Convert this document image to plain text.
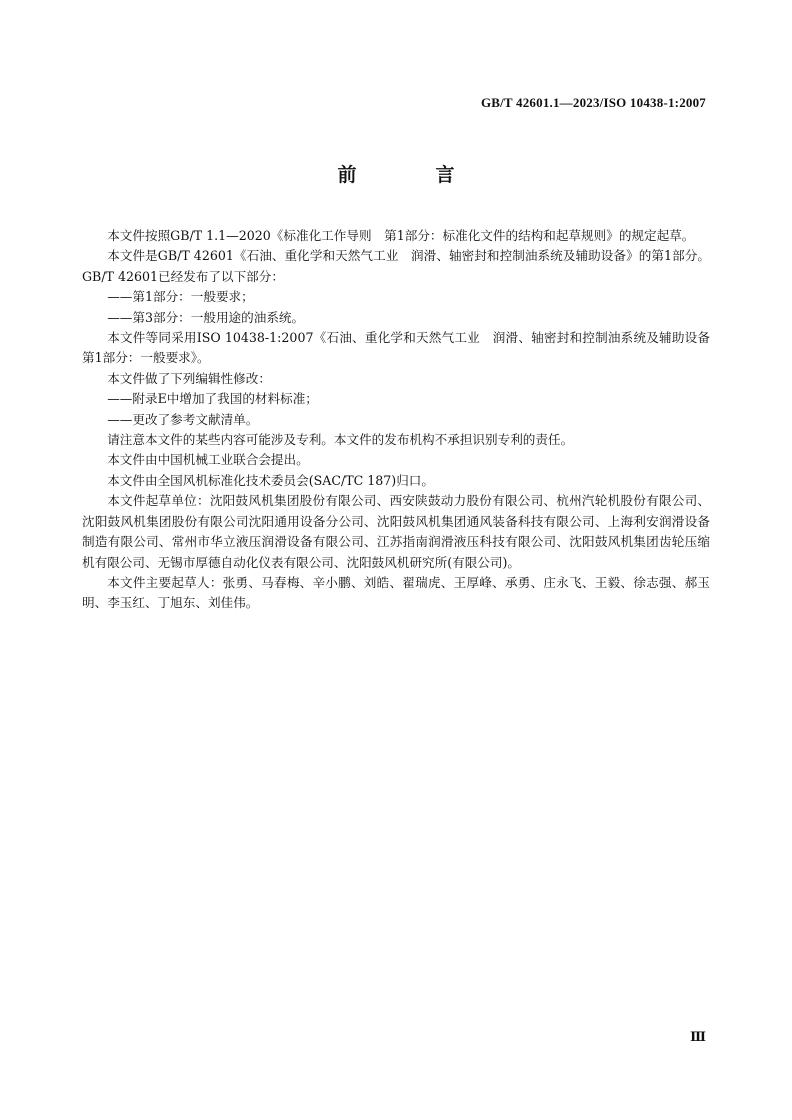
GB/T 42601.1—2023/ISO 10438-1:2007
前　言

本文件按照GB/T 1.1—2020《标准化工作导则　第1部分：标准化文件的结构和起草规则》的规定起草。

本文件是GB/T 42601《石油、重化学和天然气工业　润滑、轴密封和控制油系统及辅助设备》的第1部分。GB/T 42601已经发布了以下部分：

——第1部分：一般要求；

——第3部分：一般用途的油系统。

本文件等同采用ISO 10438-1:2007《石油、重化学和天然气工业　润滑、轴密封和控制油系统及辅助设备　第1部分：一般要求》。

本文件做了下列编辑性修改：

——附录E中增加了我国的材料标准；

——更改了参考文献清单。

请注意本文件的某些内容可能涉及专利。本文件的发布机构不承担识别专利的责任。

本文件由中国机械工业联合会提出。

本文件由全国风机标准化技术委员会(SAC/TC 187)归口。

本文件起草单位：沈阳鼓风机集团股份有限公司、西安陕鼓动力股份有限公司、杭州汽轮机股份有限公司、沈阳鼓风机集团股份有限公司沈阳通用设备分公司、沈阳鼓风机集团通风装备科技有限公司、上海利安润滑设备制造有限公司、常州市华立液压润滑设备有限公司、江苏指南润滑液压科技有限公司、沈阳鼓风机集团齿轮压缩机有限公司、无锡市厚德自动化仪表有限公司、沈阳鼓风机研究所(有限公司)。

本文件主要起草人：张勇、马春梅、辛小鹏、刘皓、翟瑞虎、王厚峰、承勇、庄永飞、王毅、徐志强、郝玉明、李玉红、丁旭东、刘佳伟。

Ⅲ
